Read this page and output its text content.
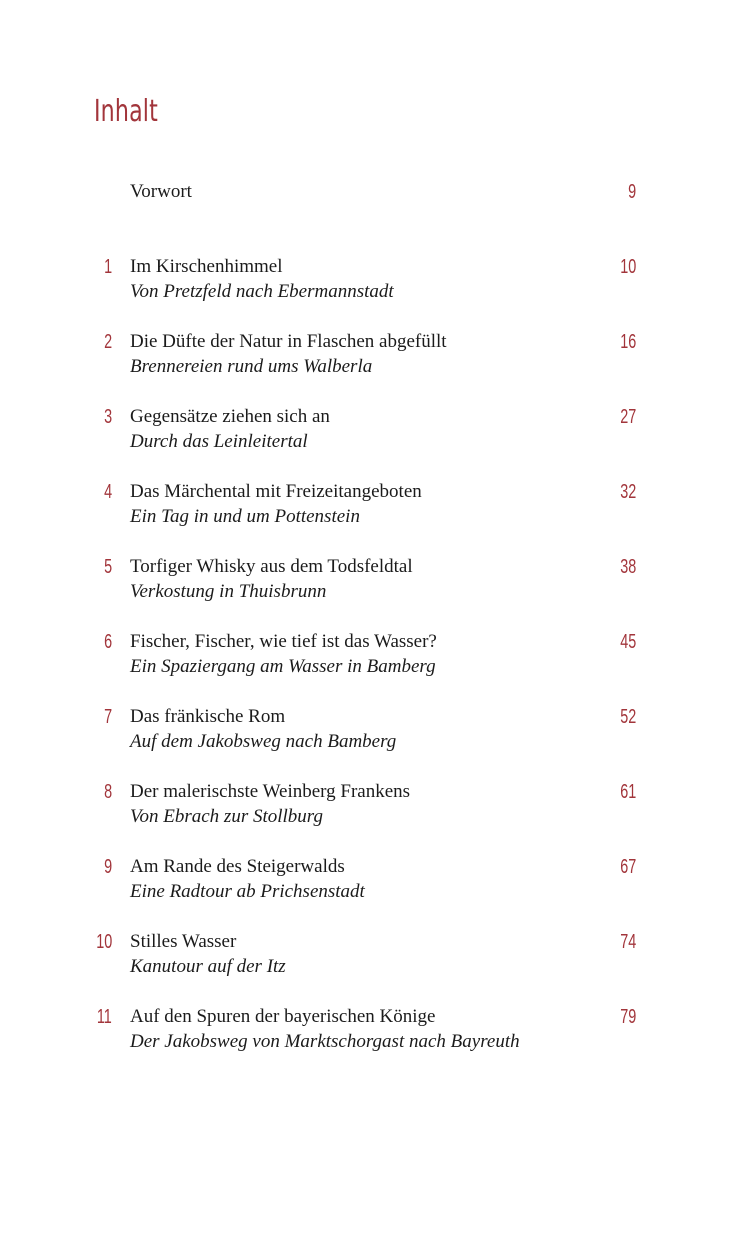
Inhalt
Vorwort	9
1 Im Kirschenhimmel
Von Pretzfeld nach Ebermannstadt
10
2 Die Düfte der Natur in Flaschen abgefüllt
Brennereien rund ums Walberla
16
3 Gegensätze ziehen sich an
Durch das Leinleitertal
27
4 Das Märchental mit Freizeitangeboten
Ein Tag in und um Pottenstein
32
5 Torfiger Whisky aus dem Todsfeldtal
Verkostung in Thuisbrunn
38
6 Fischer, Fischer, wie tief ist das Wasser?
Ein Spaziergang am Wasser in Bamberg
45
7 Das fränkische Rom
Auf dem Jakobsweg nach Bamberg
52
8 Der malerischste Weinberg Frankens
Von Ebrach zur Stollburg
61
9 Am Rande des Steigerwalds
Eine Radtour ab Prichsenstadt
67
10 Stilles Wasser
Kanutour auf der Itz
74
11 Auf den Spuren der bayerischen Könige
Der Jakobsweg von Marktschorgast nach Bayreuth
79
